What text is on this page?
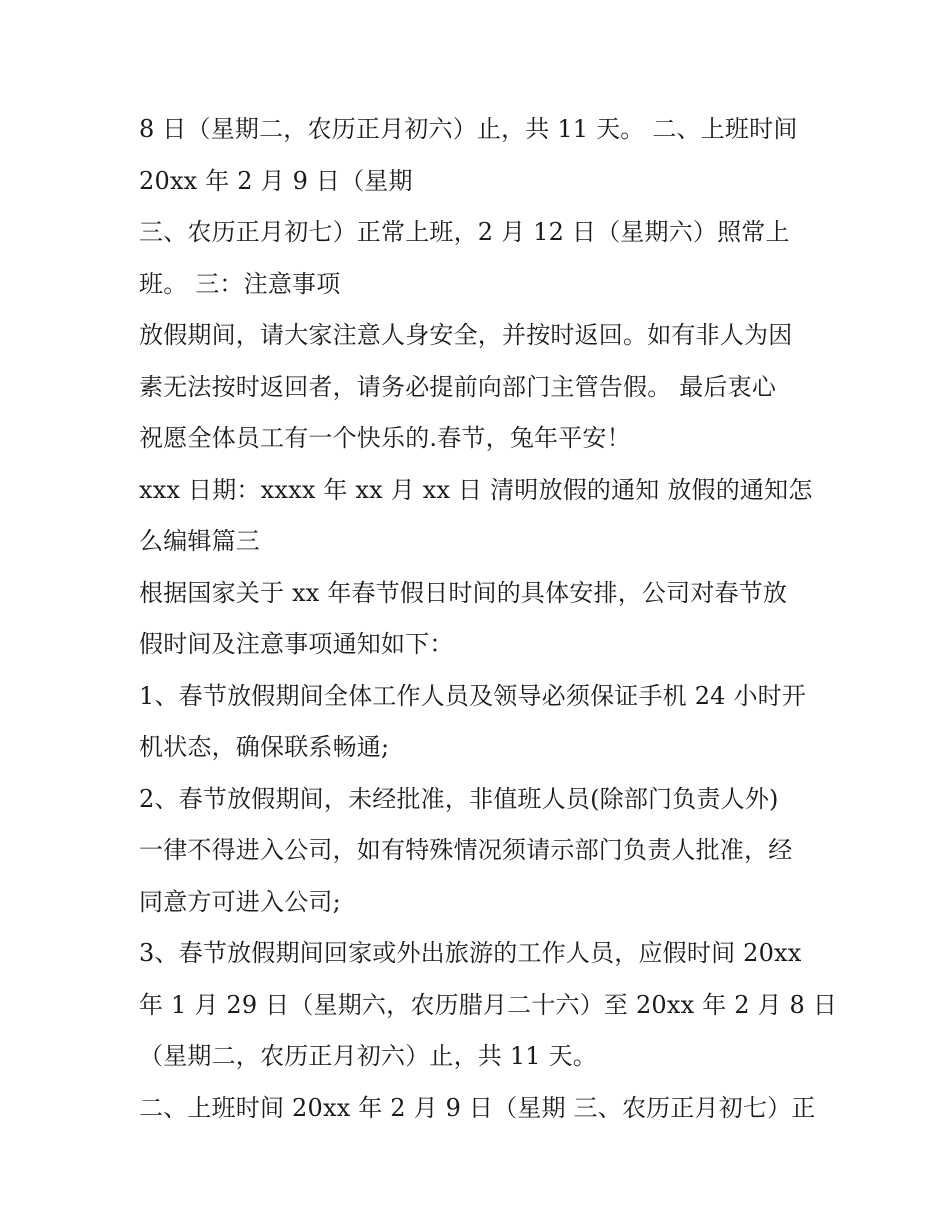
8 日（星期二，农历正月初六）止，共 11 天。 二、上班时间
20xx 年 2 月 9 日（星期
三、农历正月初七）正常上班，2 月 12 日（星期六）照常上
班。 三：注意事项
放假期间，请大家注意人身安全，并按时返回。如有非人为因
素无法按时返回者，请务必提前向部门主管告假。 最后衷心
祝愿全体员工有一个快乐的.春节，兔年平安！
xxx 日期：xxxx 年 xx 月 xx 日 清明放假的通知 放假的通知怎
么编辑篇三
根据国家关于 xx 年春节假日时间的具体安排，公司对春节放
假时间及注意事项通知如下：
1、春节放假期间全体工作人员及领导必须保证手机 24 小时开
机状态，确保联系畅通;
2、春节放假期间，未经批准，非值班人员(除部门负责人外)
一律不得进入公司，如有特殊情况须请示部门负责人批准，经
同意方可进入公司;
3、春节放假期间回家或外出旅游的工作人员，应假时间 20xx
年 1 月 29 日（星期六，农历腊月二十六）至 20xx 年 2 月 8 日
（星期二，农历正月初六）止，共 11 天。
二、上班时间 20xx 年 2 月 9 日（星期 三、农历正月初七）正
